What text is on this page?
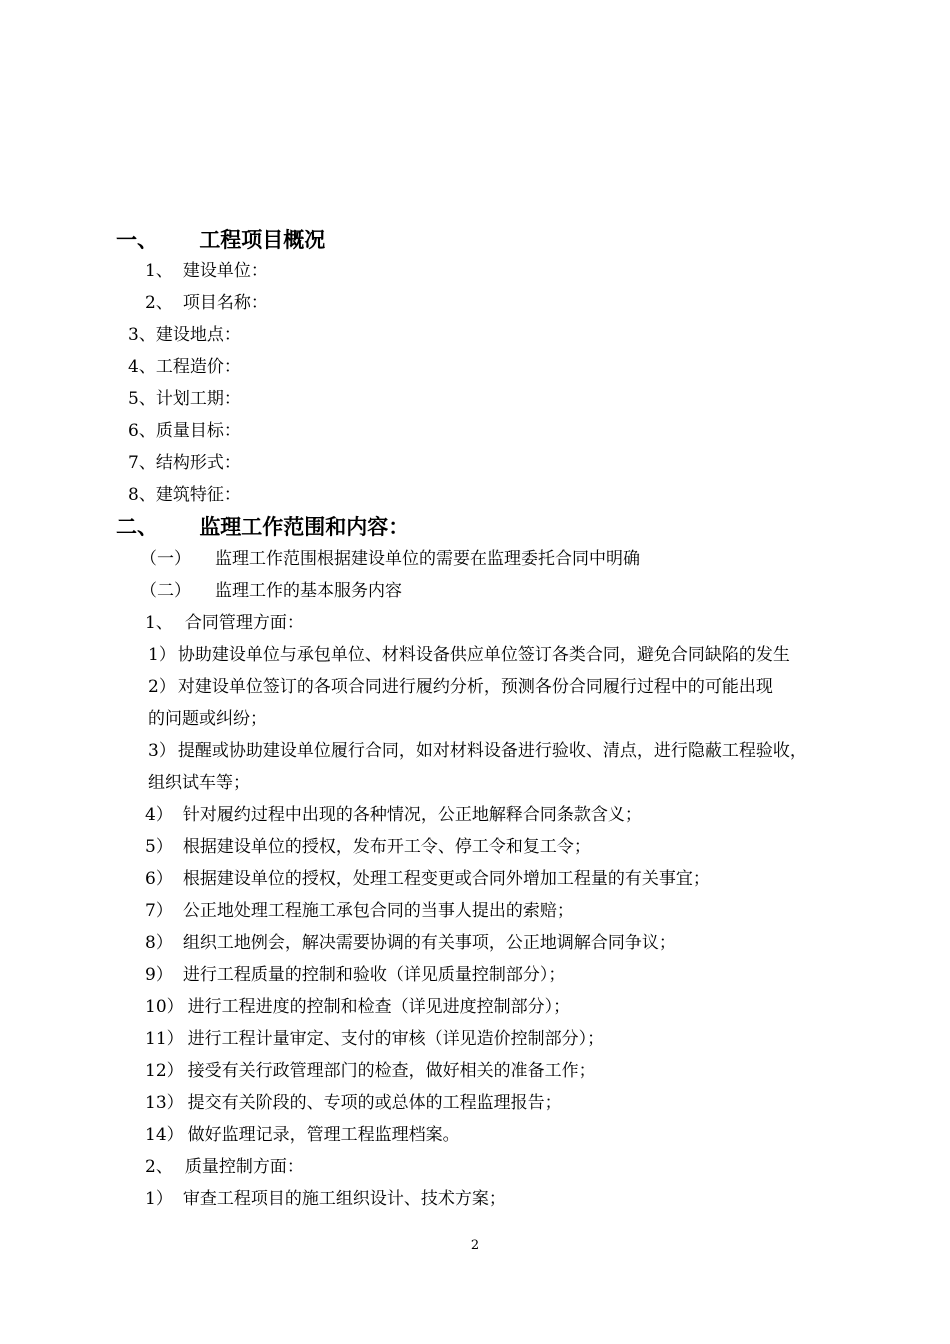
一、 工程项目概况
1、 建设单位：
2、 项目名称：
3、建设地点：
4、工程造价：
5、计划工期：
6、质量目标：
7、结构形式：
8、建筑特征：
二、 监理工作范围和内容：
（一） 监理工作范围根据建设单位的需要在监理委托合同中明确
（二） 监理工作的基本服务内容
1、 合同管理方面：
1） 协助建设单位与承包单位、材料设备供应单位签订各类合同，避免合同缺陷的发生
2） 对建设单位签订的各项合同进行履约分析，预测各份合同履行过程中的可能出现
的问题或纠纷；
3） 提醒或协助建设单位履行合同，如对材料设备进行验收、清点，进行隐蔽工程验收，
组织试车等；
4） 针对履约过程中出现的各种情况，公正地解释合同条款含义；
5） 根据建设单位的授权，发布开工令、停工令和复工令；
6） 根据建设单位的授权，处理工程变更或合同外增加工程量的有关事宜；
7） 公正地处理工程施工承包合同的当事人提出的索赔；
8） 组织工地例会，解决需要协调的有关事项，公正地调解合同争议；
9） 进行工程质量的控制和验收（详见质量控制部分）；
10） 进行工程进度的控制和检查（详见进度控制部分）；
11） 进行工程计量审定、支付的审核（详见造价控制部分）；
12） 接受有关行政管理部门的检查，做好相关的准备工作；
13） 提交有关阶段的、专项的或总体的工程监理报告；
14） 做好监理记录，管理工程监理档案。
2、 质量控制方面：
1） 审查工程项目的施工组织设计、技术方案；
2
